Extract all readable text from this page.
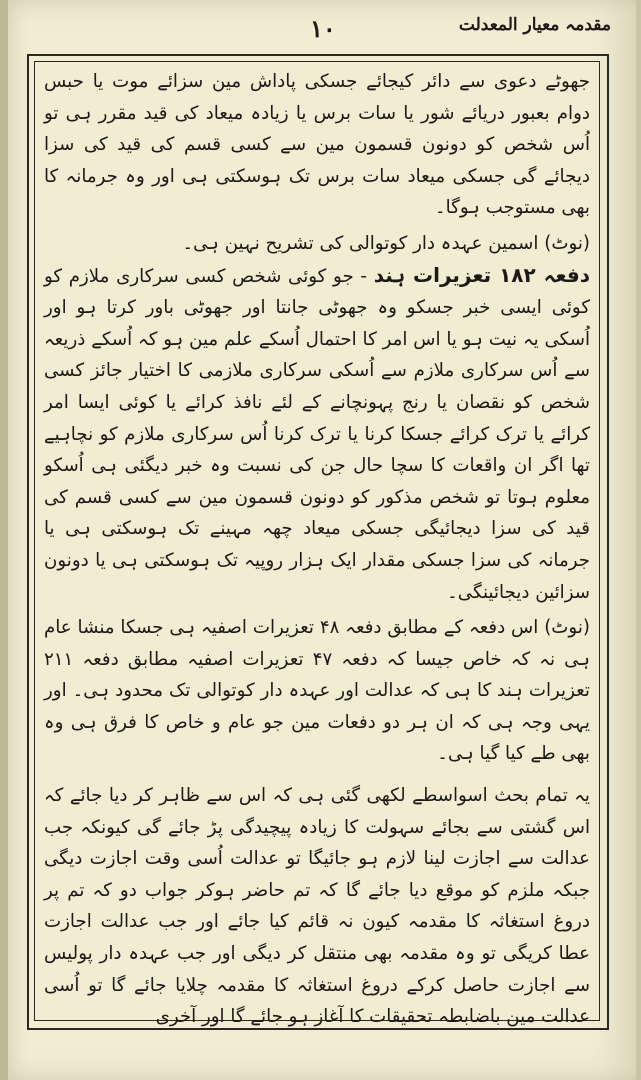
۱۰	مقدمہ معیار المعدلت

جھوٹے دعوی سے دائر کیجائے جسکی پاداش مین سزائے موت یا حبس دوام بعبور دریائے شور یا سات برس یا زیادہ میعاد کی قید مقرر ہی تو اُس شخص کو دونون قسمون مین سے کسی قسم کی قید کی سزا دیجائے گی جسکی میعاد سات برس تک ہوسکتی ہی اور وہ جرمانہ کا بھی مستوجب ہوگا۔

(نوٹ) اسمین عہدہ دار کوتوالی کی تشریح نہین ہی۔

دفعہ ۱۸۲ تعزیرات ہند - جو کوئی شخص کسی سرکاری ملازم کو کوئی ایسی خبر جسکو وہ جھوٹی جانتا اور جھوٹی باور کرتا ہو اور اُسکی یہ نیت ہو یا اس امر کا احتمال اُسکے علم مین ہو کہ اُسکے ذریعہ سے اُس سرکاری ملازم سے اُسکی سرکاری ملازمی کا اختیار جائز کسی شخص کو نقصان یا رنج پہونچانے کے لئے نافذ کرائے یا کوئی ایسا امر کرائے یا ترک کرائے جسکا کرنا یا ترک کرنا اُس سرکاری ملازم کو نچاہیے تھا اگر ان واقعات کا سچا حال جن کی نسبت وہ خبر دیگئی ہی اُسکو معلوم ہوتا تو شخص مذکور کو دونون قسمون مین سے کسی قسم کی قید کی سزا دیجائیگی جسکی میعاد چھہ مہینے تک ہوسکتی ہی یا جرمانہ کی سزا جسکی مقدار ایک ہزار روپیہ تک ہوسکتی ہی یا دونون سزائین دیجائینگی۔

(نوٹ) اس دفعہ کے مطابق دفعہ ۴۸ تعزیرات اصفیہ ہی جسکا منشا عام ہی نہ کہ خاص جیسا کہ دفعہ ۴۷ تعزیرات اصفیہ مطابق دفعہ ۲۱۱ تعزیرات ہند کا ہی کہ عدالت اور عہدہ دار کوتوالی تک محدود ہی۔ اور یہی وجہ ہی کہ ان ہر دو دفعات مین جو عام و خاص کا فرق ہی وہ بھی طے کیا گیا ہی۔

یہ تمام بحث اسواسطے لکھی گئی ہی کہ اس سے ظاہر کر دیا جائے کہ اس گشتی سے بجائے سہولت کا زیادہ پیچیدگی پڑ جائے گی کیونکہ جب عدالت سے اجازت لینا لازم ہو جائیگا تو عدالت اُسی وقت اجازت دیگی جبکہ ملزم کو موقع دیا جائے گا کہ تم حاضر ہوکر جواب دو کہ تم پر دروغ استغاثہ کا مقدمہ کیون نہ قائم کیا جائے اور جب عدالت اجازت عطا کریگی تو وہ مقدمہ بھی منتقل کر دیگی اور جب عہدہ دار پولیس سے اجازت حاصل کرکے دروغ استغاثہ کا مقدمہ چلایا جائے گا تو اُسی عدالت مین باضابطہ تحقیقات کا آغاز ہو جائے گا اور آخری
